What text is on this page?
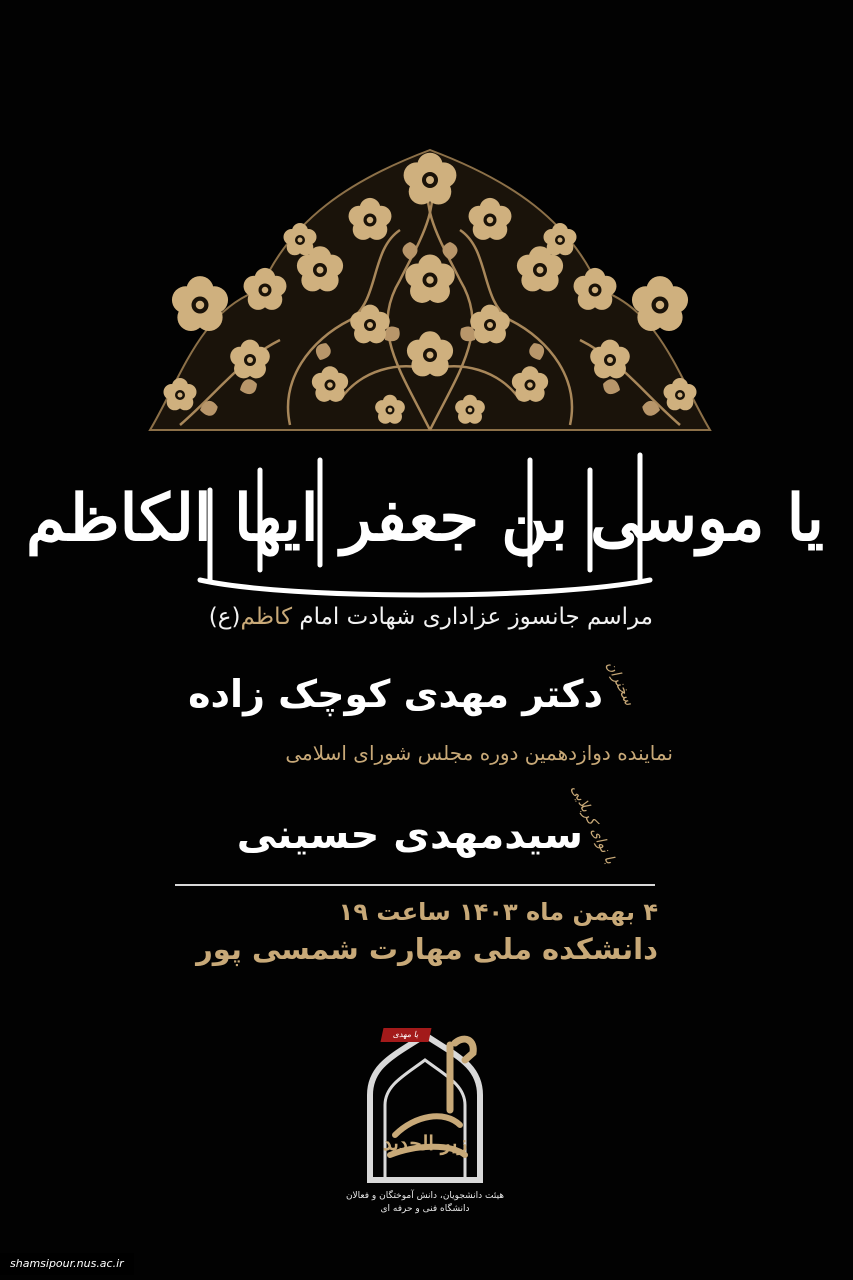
یا موسی بن جعفر ایها الکاظم
مراسم جانسوز عزاداری شهادت امام کاظم(ع)
سخنران
دکتر مهدی کوچک زاده
نماینده دوازدهمین دوره مجلس شورای اسلامی
با نوای کربلایی
سیدمهدی حسینی
۴ بهمن ماه ۱۴۰۳ ساعت ۱۹
دانشکده ملی مهارت شمسی پور
زیر الحدید
یا مهدی
هیئت دانشجویان، دانش آموختگان و فعالان
دانشگاه فنی و حرفه ای
shamsipour.nus.ac.ir
